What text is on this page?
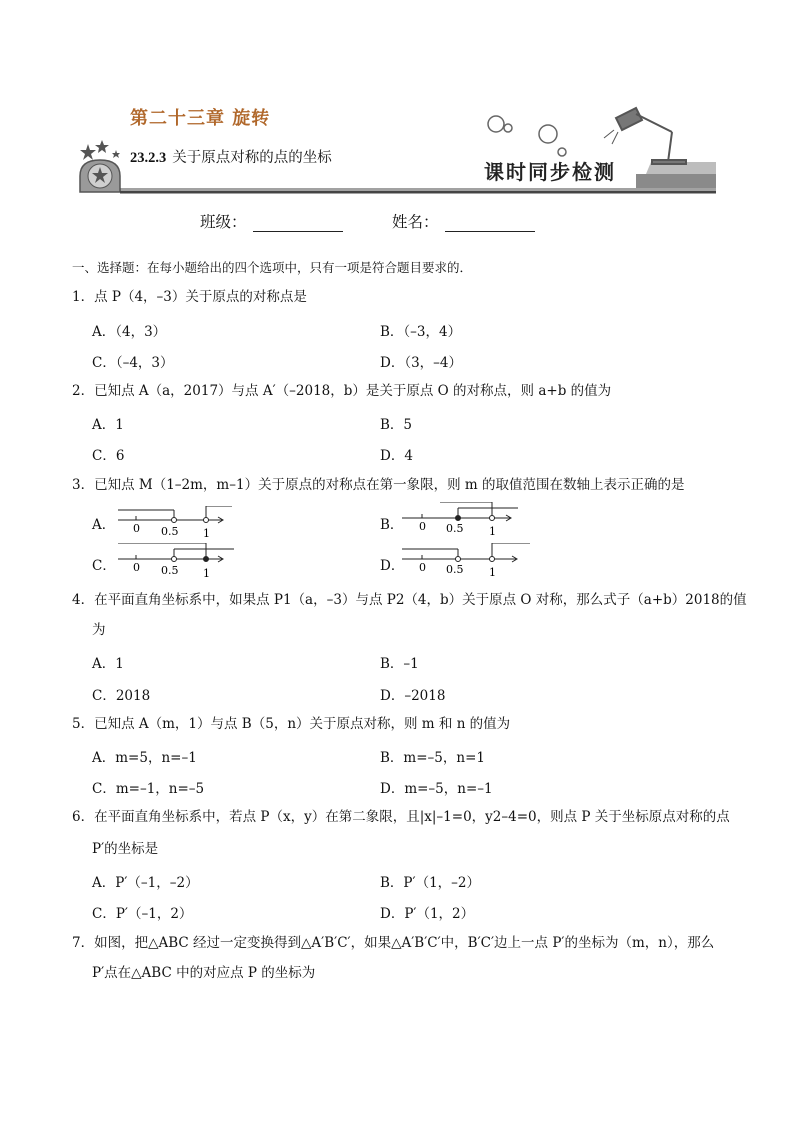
第二十三章 旋转
23.2.3 关于原点对称的点的坐标
课时同步检测
班级：	姓名：
一、选择题：在每小题给出的四个选项中，只有一项是符合题目要求的．
1．点 P（4，–3）关于原点的对称点是
A．（4，3）	B．（–3，4）
C．（–4，3）	D．（3，–4）
2．已知点 A（a，2017）与点 A′（–2018，b）是关于原点 O 的对称点，则 a+b 的值为
A．1	B．5
C．6	D．4
3．已知点 M（1–2m，m–1）关于原点的对称点在第一象限，则 m 的取值范围在数轴上表示正确的是
A． 0 0.5 1
B． 0 0.5 1
C． 0 0.5 1	D． 0 0.5 1
4．在平面直角坐标系中，如果点 P1（a，–3）与点 P2（4，b）关于原点 O 对称，那么式子（a+b）2018的值
为
A．1	B．–1
C．2018	D．–2018
5．已知点 A（m，1）与点 B（5，n）关于原点对称，则 m 和 n 的值为
A．m=5，n=–1	B．m=–5，n=1
C．m=–1，n=–5	D．m=–5，n=–1
6．在平面直角坐标系中，若点 P（x，y）在第二象限，且|x|–1=0，y2–4=0，则点 P 关于坐标原点对称的点
P′的坐标是
A．P′（–1，–2）	B．P′（1，–2）
C．P′（–1，2）	D．P′（1，2）
7．如图，把△ABC 经过一定变换得到△A′B′C′，如果△A′B′C′中，B′C′边上一点 P′的坐标为（m，n），那么
P′点在△ABC 中的对应点 P 的坐标为
